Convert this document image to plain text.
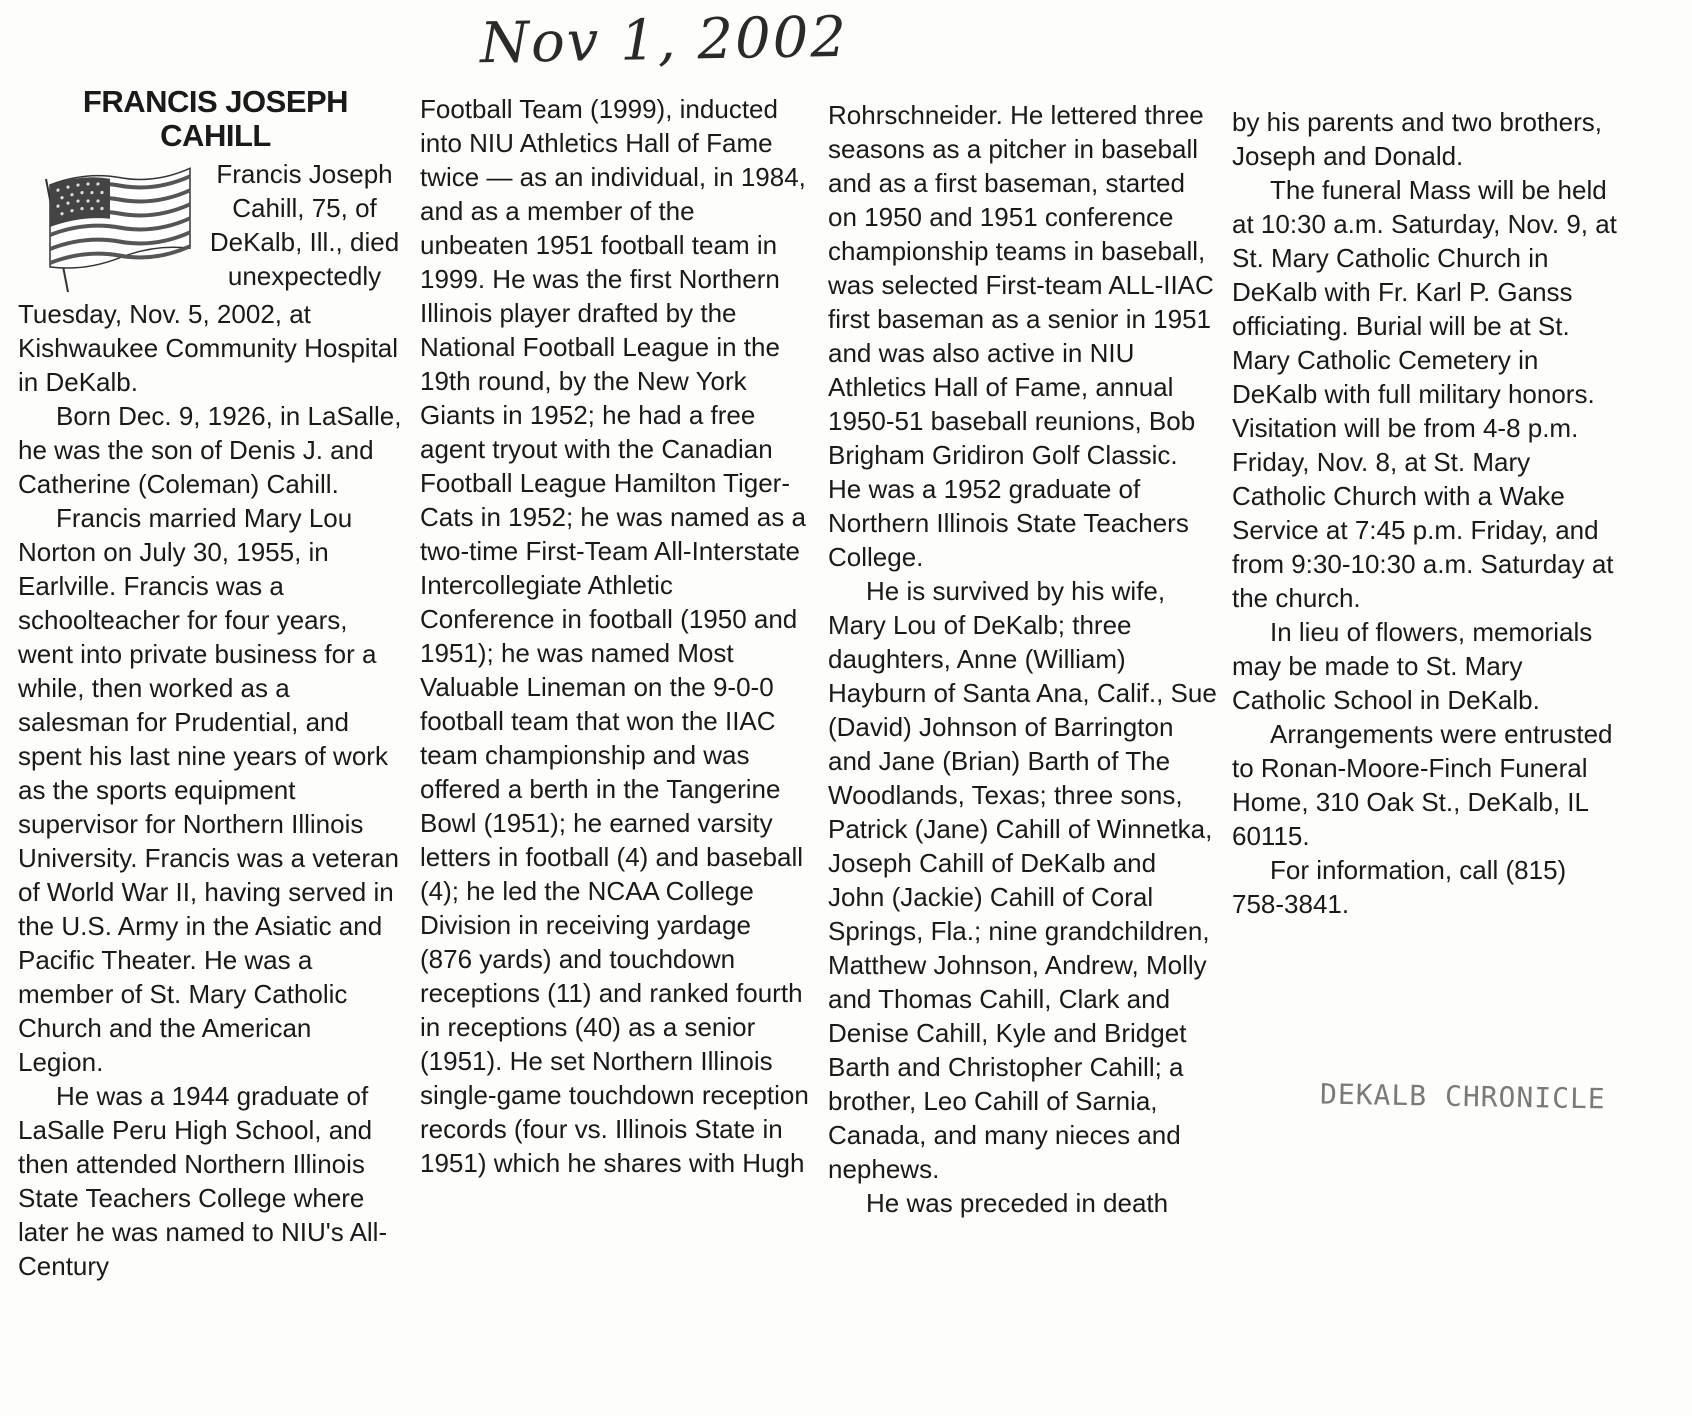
Nov 1, 2002
FRANCIS JOSEPH
CAHILL

Francis Joseph Cahill, 75, of DeKalb, Ill., died unexpectedly

Tuesday, Nov. 5, 2002, at Kishwaukee Community Hospital in DeKalb.

Born Dec. 9, 1926, in LaSalle, he was the son of Denis J. and Catherine (Coleman) Cahill.

Francis married Mary Lou Norton on July 30, 1955, in Earlville. Francis was a schoolteacher for four years, went into private business for a while, then worked as a salesman for Prudential, and spent his last nine years of work as the sports equipment supervisor for Northern Illinois University. Francis was a veteran of World War II, having served in the U.S. Army in the Asiatic and Pacific Theater. He was a member of St. Mary Catholic Church and the American Legion.

He was a 1944 graduate of LaSalle Peru High School, and then attended Northern Illinois State Teachers College where later he was named to NIU's All-Century

Football Team (1999), inducted into NIU Athletics Hall of Fame twice — as an individual, in 1984, and as a member of the unbeaten 1951 football team in 1999. He was the first Northern Illinois player drafted by the National Football League in the 19th round, by the New York Giants in 1952; he had a free agent tryout with the Canadian Football League Hamilton Tiger-Cats in 1952; he was named as a two-time First-Team All-Interstate Intercollegiate Athletic Conference in football (1950 and 1951); he was named Most Valuable Lineman on the 9-0-0 football team that won the IIAC team championship and was offered a berth in the Tangerine Bowl (1951); he earned varsity letters in football (4) and baseball (4); he led the NCAA College Division in receiving yardage (876 yards) and touchdown receptions (11) and ranked fourth in receptions (40) as a senior (1951). He set Northern Illinois single-game touchdown reception records (four vs. Illinois State in 1951) which he shares with Hugh

Rohrschneider. He lettered three seasons as a pitcher in baseball and as a first baseman, started on 1950 and 1951 conference championship teams in baseball, was selected First-team ALL-IIAC first baseman as a senior in 1951 and was also active in NIU Athletics Hall of Fame, annual 1950-51 baseball reunions, Bob Brigham Gridiron Golf Classic. He was a 1952 graduate of Northern Illinois State Teachers College.

He is survived by his wife, Mary Lou of DeKalb; three daughters, Anne (William) Hayburn of Santa Ana, Calif., Sue (David) Johnson of Barrington and Jane (Brian) Barth of The Woodlands, Texas; three sons, Patrick (Jane) Cahill of Winnetka, Joseph Cahill of DeKalb and John (Jackie) Cahill of Coral Springs, Fla.; nine grandchildren, Matthew Johnson, Andrew, Molly and Thomas Cahill, Clark and Denise Cahill, Kyle and Bridget Barth and Christopher Cahill; a brother, Leo Cahill of Sarnia, Canada, and many nieces and nephews.

He was preceded in death

by his parents and two brothers, Joseph and Donald.

The funeral Mass will be held at 10:30 a.m. Saturday, Nov. 9, at St. Mary Catholic Church in DeKalb with Fr. Karl P. Ganss officiating. Burial will be at St. Mary Catholic Cemetery in DeKalb with full military honors. Visitation will be from 4-8 p.m. Friday, Nov. 8, at St. Mary Catholic Church with a Wake Service at 7:45 p.m. Friday, and from 9:30-10:30 a.m. Saturday at the church.

In lieu of flowers, memorials may be made to St. Mary Catholic School in DeKalb.

Arrangements were entrusted to Ronan-Moore-Finch Funeral Home, 310 Oak St., DeKalb, IL 60115.

For information, call (815) 758-3841.

DEKALB CHRONICLE
